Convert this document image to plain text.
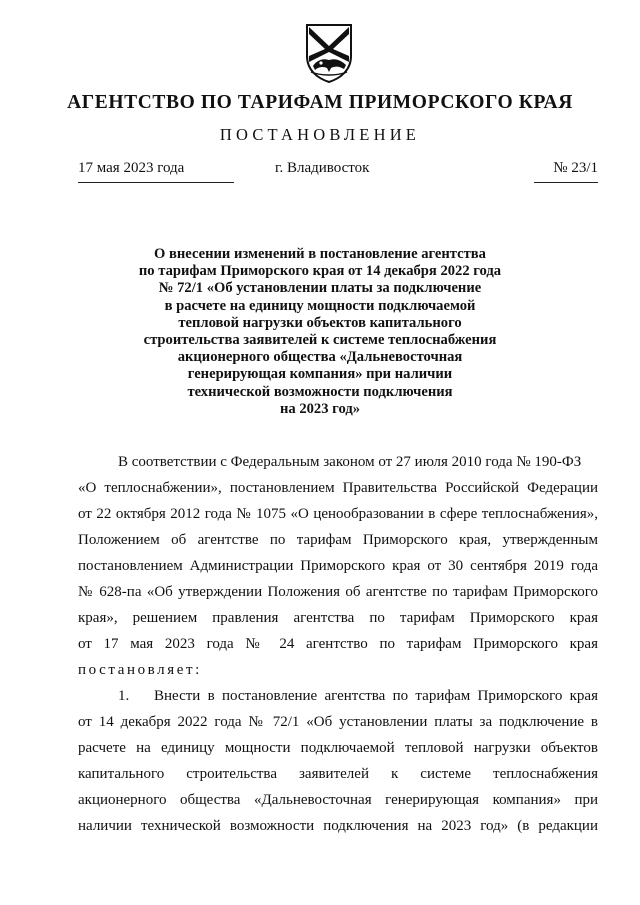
АГЕНТСТВО ПО ТАРИФАМ ПРИМОРСКОГО КРАЯ
ПОСТАНОВЛЕНИЕ
17 мая 2023 года	г. Владивосток	№ 23/1
О внесении изменений в постановление агентства
по тарифам Приморского края от 14 декабря 2022 года
№ 72/1 «Об установлении платы за подключение
в расчете на единицу мощности подключаемой
тепловой нагрузки объектов капитального
строительства заявителей к системе теплоснабжения
акционерного общества «Дальневосточная
генерирующая компания» при наличии
технической возможности подключения
на 2023 год»
В соответствии с Федеральным законом от 27 июля 2010 года № 190-ФЗ
«О теплоснабжении», постановлением Правительства Российской Федерации
от 22 октября 2012 года № 1075 «О ценообразовании в сфере теплоснабжения»,
Положением об агентстве по тарифам Приморского края, утвержденным
постановлением Администрации Приморского края от 30 сентября 2019 года
№ 628-па «Об утверждении Положения об агентстве по тарифам Приморского
края», решением правления агентства по тарифам Приморского края
от 17 мая 2023 года № 24 агентство по тарифам Приморского края
постановляет:
1. Внести в постановление агентства по тарифам Приморского края
от 14 декабря 2022 года № 72/1 «Об установлении платы за подключение в
расчете на единицу мощности подключаемой тепловой нагрузки объектов
капитального строительства заявителей к системе теплоснабжения
акционерного общества «Дальневосточная генерирующая компания» при
наличии технической возможности подключения на 2023 год» (в редакции
